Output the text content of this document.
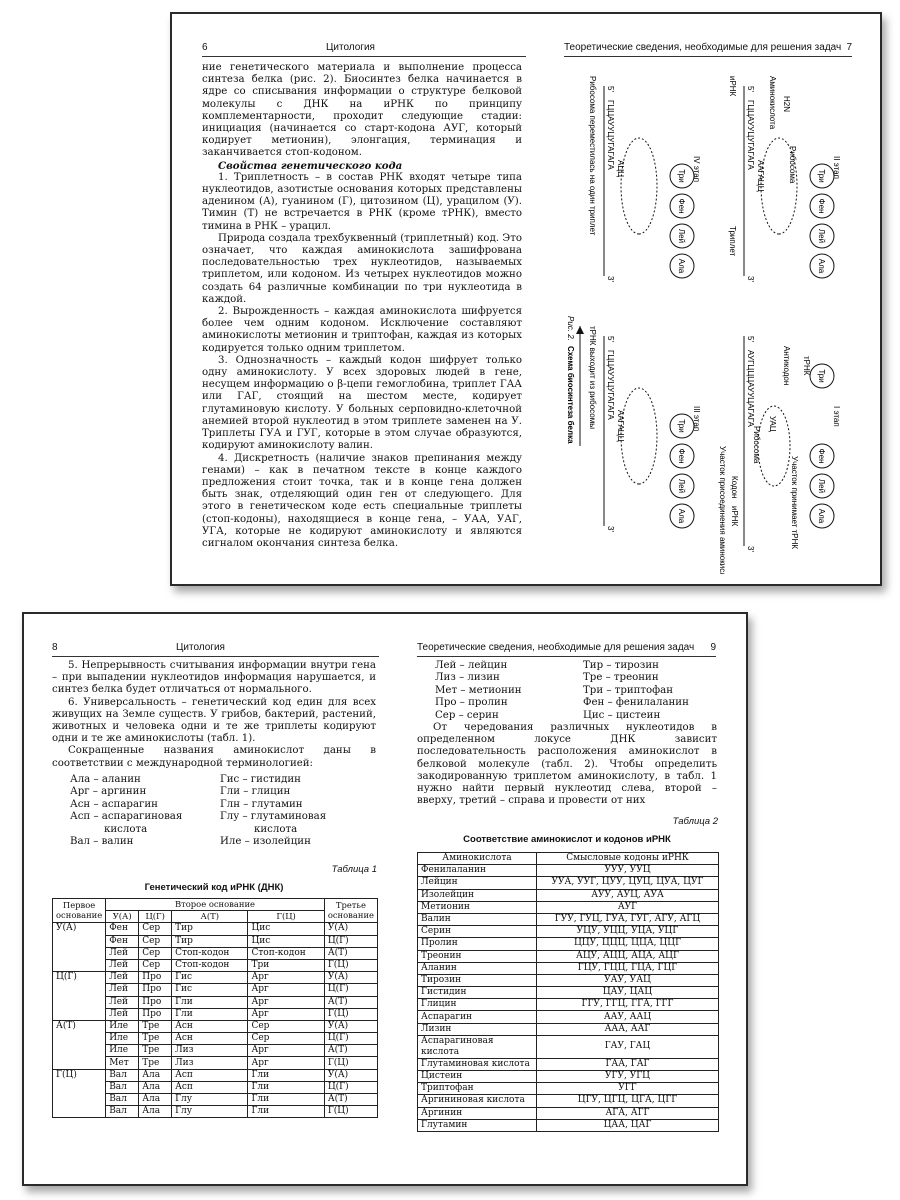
6	Цитология

ние генетического материала и выполнение процесса синтеза белка (рис. 2). Биосинтез белка начинается в ядре со списывания информации о структуре белковой молекулы с ДНК на иРНК по принципу комплементарности, проходит следующие стадии: инициация (начинается со старт-кодона АУГ, который кодирует метионин), элонгация, терминация и заканчивается стоп-кодоном.

Свойства генетического кода

1. Триплетность – в состав РНК входят четыре типа нуклеотидов, азотистые основания которых представлены аденином (А), гуанином (Г), цитозином (Ц), урацилом (У). Тимин (Т) не встречается в РНК (кроме тРНК), вместо тимина в РНК – урацил.

Природа создала трехбуквенный (триплетный) код. Это означает, что каждая аминокислота зашифрована последовательностью трех нуклеотидов, называемых триплетом, или кодоном. Из четырех нуклеотидов можно создать 64 различные комбинации по три нуклеотида в каждой.

2. Вырожденность – каждая аминокислота шифруется более чем одним кодоном. Исключение составляют аминокислоты метионин и триптофан, каждая из которых кодируется только одним триплетом.

3. Однозначность – каждый кодон шифрует только одну аминокислоту. У всех здоровых людей в гене, несущем информацию о β-цепи гемоглобина, триплет ГАА или ГАГ, стоящий на шестом месте, кодирует глутаминовую кислоту. У больных серповидно-клеточной анемией второй нуклеотид в этом триплете заменен на У. Триплеты ГУА и ГУГ, которые в этом случае образуются, кодируют аминокислоту валин.

4. Дискретность (наличие знаков препинания между генами) – как в печатном тексте в конце каждого предложения стоит точка, так и в конце гена должен быть знак, отделяющий один ген от следующего. Для этого в генетическом коде есть специальные триплеты (стоп-кодоны), находящиеся в конце гена, – УАА, УАГ, УГА, которые не кодируют аминокислоту и являются сигналом окончания синтеза белка.

Теоретические сведения, необходимые для решения задач 7
II этап
Ала
Лей
Фен
Три
H2N
Аминокислота
Рибосома
ААГАЦЦ
5'
ГЦЦАУУЦУГАГАГА
3'
иРНК
Триплет
IV этап
Ала
Лей
Фен
Три
АЦЦ
5'
ГЦЦАУУЦУГАГАГА
3'
Рибосома переместилась на один триплет
I этап
Ала
Лей
Фен
Три
тРНК
Антикодон
Участок принимает тРНК
Рибосома
УАЦ
5'
АУГЦЦЦАУУЦАГАГА
3'
Кодон
иРНК
Участок присоединения аминокислот
III этап
Ала
Лей
Фен
Три
ААГАЦЦ
5'
ГЦЦАУУЦУГАГАГА
3'
тРНК выходит из рибосомы
Рис. 2.
Схема биосинтеза белка
8	Цитология

5. Непрерывность считывания информации внутри гена – при выпадении нуклеотидов информация нарушается, и синтез белка будет отличаться от нормального.

6. Универсальность – генетический код един для всех живущих на Земле существ. У грибов, бактерий, растений, животных и человека одни и те же триплеты кодируют одни и те же аминокислоты (табл. 1).

Сокращенные названия аминокислот даны в соответствии с международной терминологией:

Ала – аланин
Арг – аргинин
Асн – аспарагин
Асп – аспарагиновая
кислота
Вал – валин
Гис – гистидин
Гли – глицин
Глн – глутамин
Глу – глутаминовая
кислота
Иле – изолейцин
Таблица 1
Генетический код иРНК (ДНК)
Первое основание	Второе основание				Третье основание
	У(А)	Ц(Г)	А(Т)	Г(Ц)	
У(А)	Фен	Сер	Тир	Цис	У(А)
	Фен	Сер	Тир	Цис	Ц(Г)
	Лей	Сер	Стоп-кодон	Стоп-кодон	А(Т)
	Лей	Сер	Стоп-кодон	Три	Г(Ц)
Ц(Г)	Лей	Про	Гис	Арг	У(А)
	Лей	Про	Гис	Арг	Ц(Г)
	Лей	Про	Гли	Арг	А(Т)
	Лей	Про	Гли	Арг	Г(Ц)
А(Т)	Иле	Тре	Асн	Сер	У(А)
	Иле	Тре	Асн	Сер	Ц(Г)
	Иле	Тре	Лиз	Арг	А(Т)
	Мет	Тре	Лиз	Арг	Г(Ц)
Г(Ц)	Вал	Ала	Асп	Гли	У(А)
	Вал	Ала	Асп	Гли	Ц(Г)
	Вал	Ала	Глу	Гли	А(Т)
	Вал	Ала	Глу	Гли	Г(Ц)
Теоретические сведения, необходимые для решения задач 9
Лей – лейцин
Лиз – лизин
Мет – метионин
Про – пролин
Сер – серин
Тир – тирозин
Тре – треонин
Три – триптофан
Фен – фенилаланин
Цис – цистеин

От чередования различных нуклеотидов в определенном локусе ДНК зависит последовательность расположения аминокислот в белковой молекуле (табл. 2). Чтобы определить закодированную триплетом аминокислоту, в табл. 1 нужно найти первый нуклеотид слева, второй – вверху, третий – справа и провести от них

Таблица 2
Соответствие аминокислот и кодонов иРНК
Аминокислота	Смысловые кодоны иРНК
Фенилаланин	УУУ, УУЦ
Лейцин	УУА, УУГ, ЦУУ, ЦУЦ, ЦУА, ЦУГ
Изолейцин	АУУ, АУЦ, АУА
Метионин	АУГ
Валин	ГУУ, ГУЦ, ГУА, ГУГ, АГУ, АГЦ
Серин	УЦУ, УЦЦ, УЦА, УЦГ
Пролин	ЦЦУ, ЦЦЦ, ЦЦА, ЦЦГ
Треонин	АЦУ, АЦЦ, АЦА, АЦГ
Аланин	ГЦУ, ГЦЦ, ГЦА, ГЦГ
Тирозин	УАУ, УАЦ
Гистидин	ЦАУ, ЦАЦ
Глицин	ГГУ, ГГЦ, ГГА, ГГГ
Аспарагин	ААУ, ААЦ
Лизин	ААА, ААГ
Аспарагиновая кислота	ГАУ, ГАЦ
Глутаминовая кислота	ГАА, ГАГ
Цистеин	УГУ, УГЦ
Триптофан	УГГ
Аргининовая кислота	ЦГУ, ЦГЦ, ЦГА, ЦГГ
Аргинин	АГА, АГГ
Глутамин	ЦАА, ЦАГ
